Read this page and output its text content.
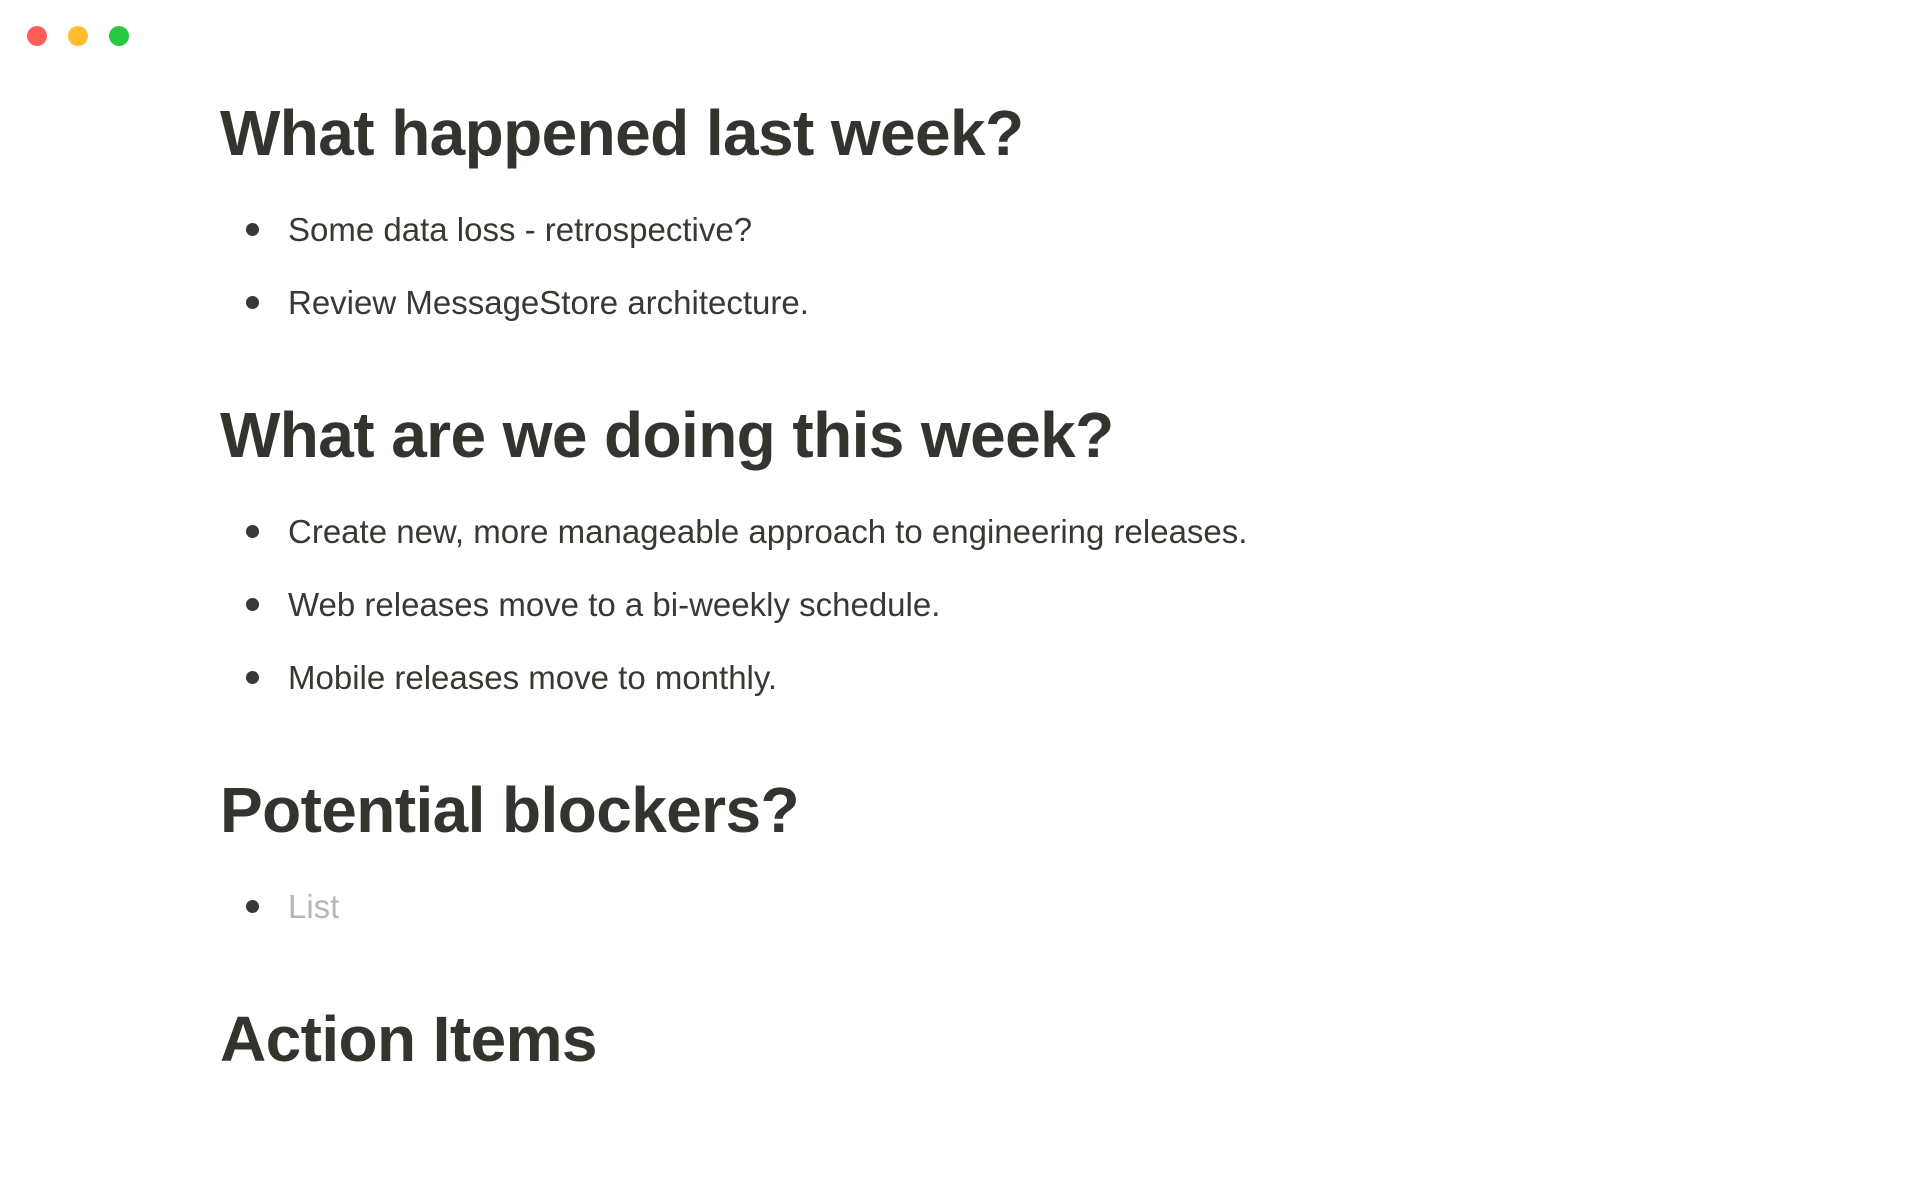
What happened last week?
Some data loss - retrospective?
Review MessageStore architecture.
What are we doing this week?
Create new, more manageable approach to engineering releases.
Web releases move to a bi-weekly schedule.
Mobile releases move to monthly.
Potential blockers?
List
Action Items
